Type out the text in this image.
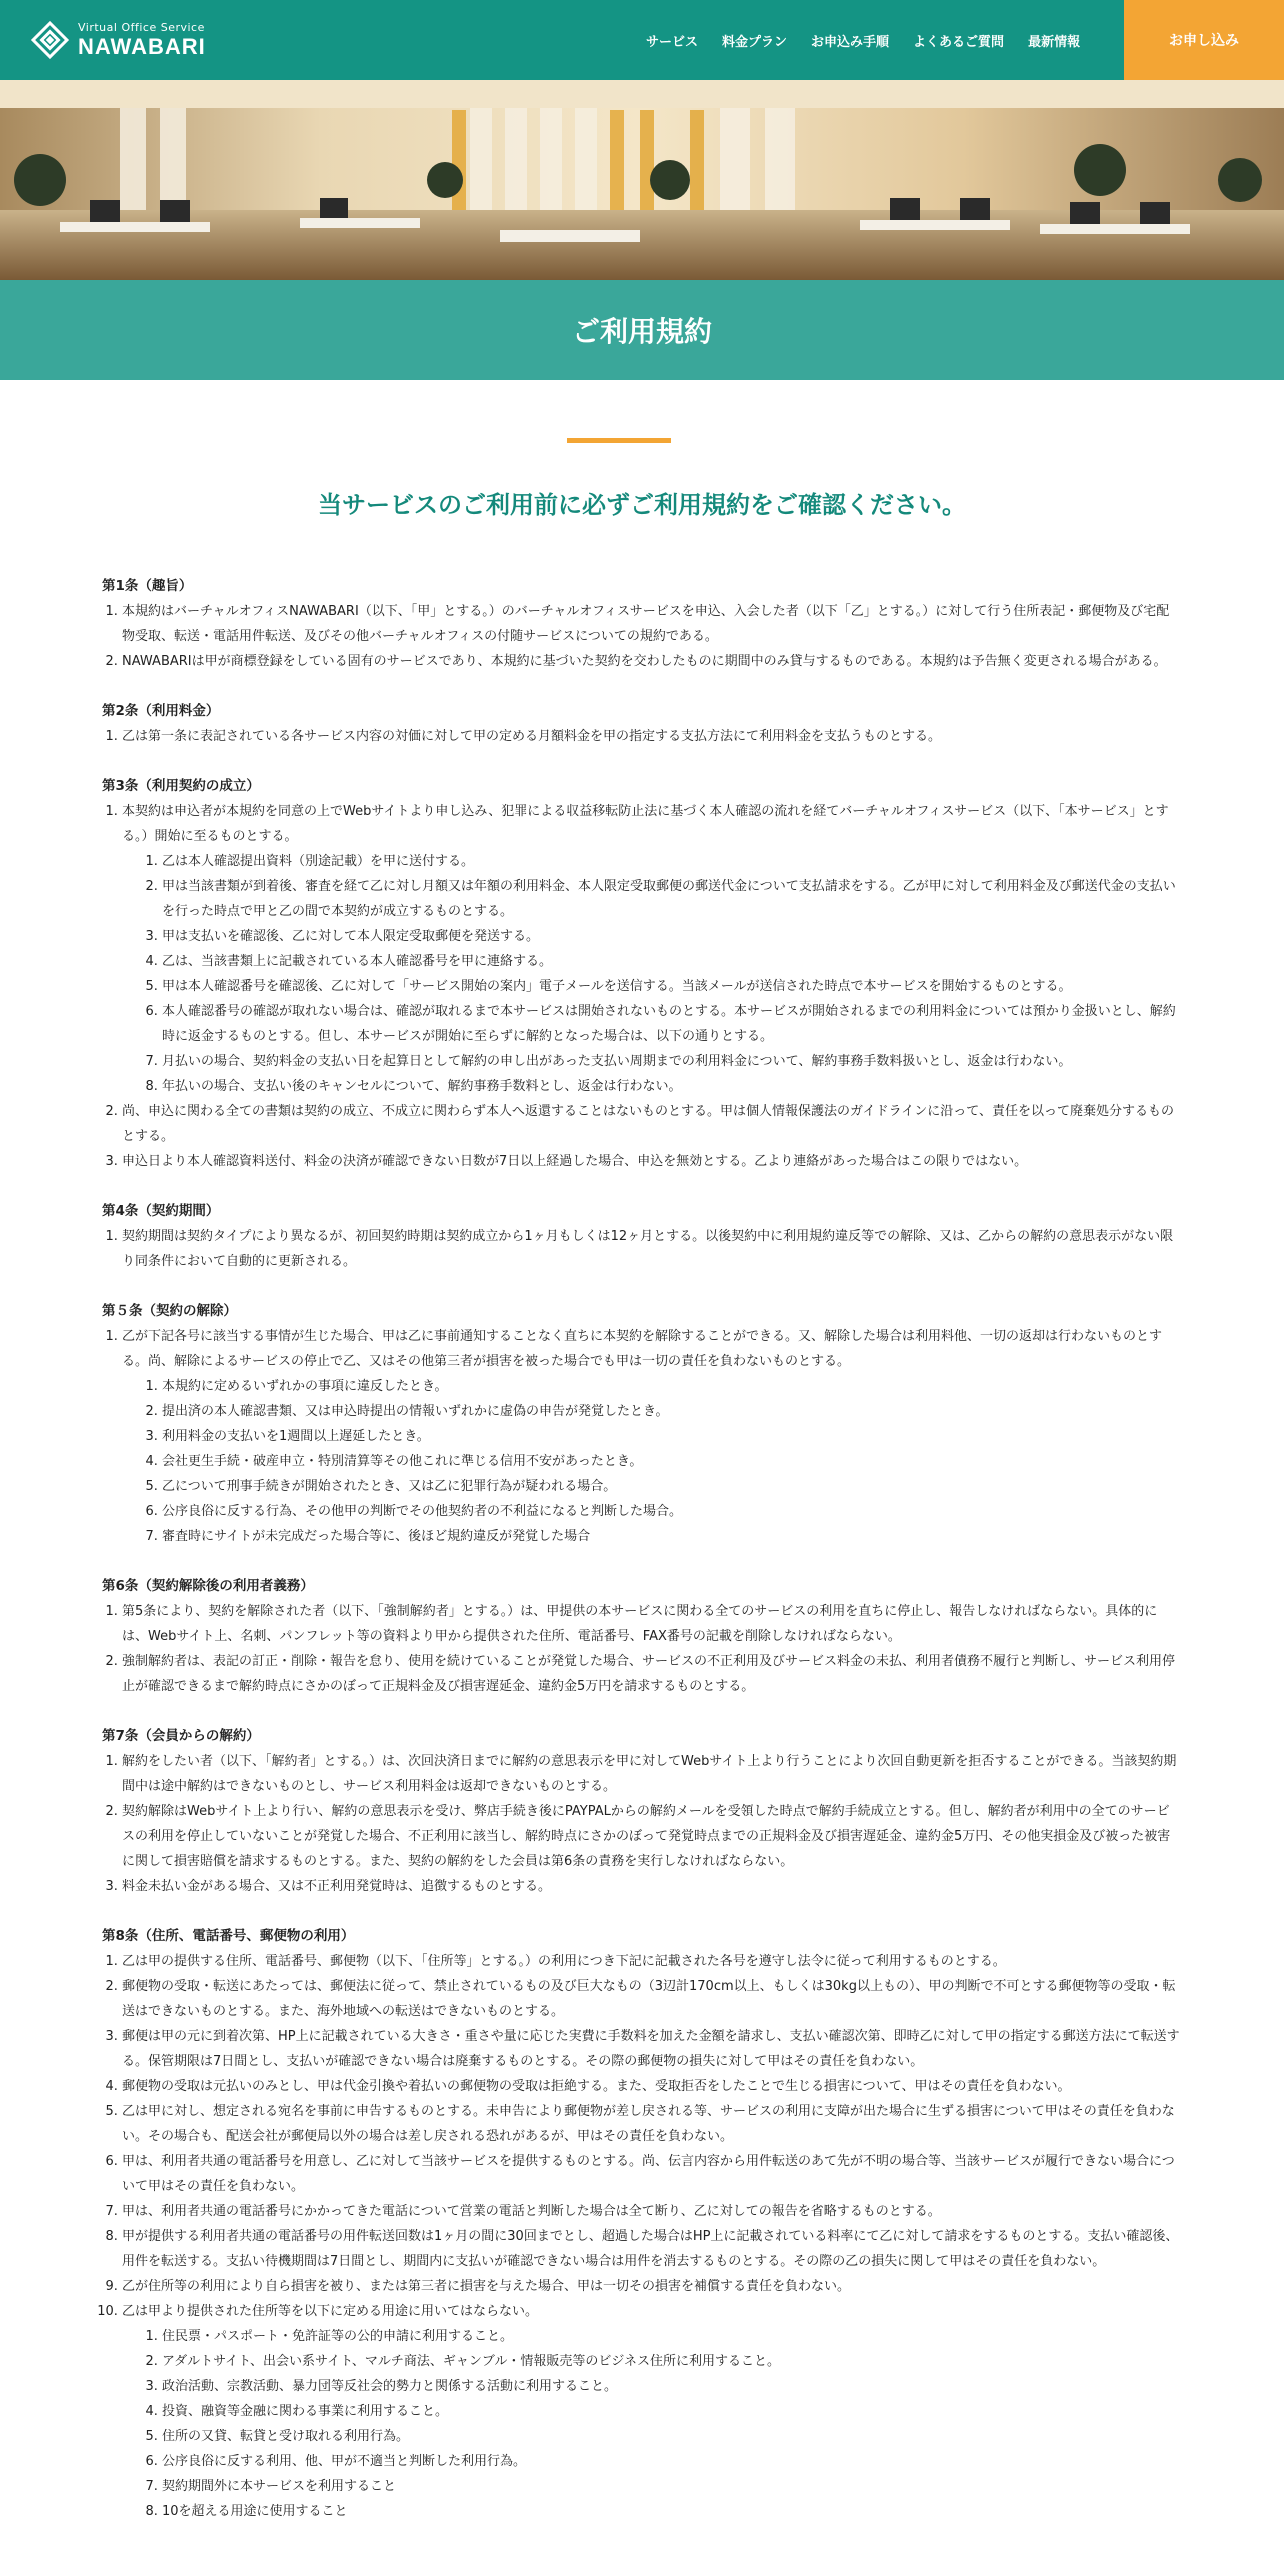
Virtual Office Service
NAWABARI	サービス 料金プラン お申込み手順 よくあるご質問 最新情報	お申し込み
ご利用規約
当サービスのご利用前に必ずご利用規約をご確認ください。
第1条（趣旨）
1. 本規約はバーチャルオフィスNAWABARI（以下、「甲」とする。）のバーチャルオフィスサービスを申込、入会した者（以下「乙」とする。）に対して行う住所表記・郵便物及び宅配物受取、転送・電話用件転送、及びその他バーチャルオフィスの付随サービスについての規約である。
2. NAWABARIは甲が商標登録をしている固有のサービスであり、本規約に基づいた契約を交わしたものに期間中のみ貸与するものである。本規約は予告無く変更される場合がある。
第2条（利用料金）
1. 乙は第一条に表記されている各サービス内容の対価に対して甲の定める月額料金を甲の指定する支払方法にて利用料金を支払うものとする。
第3条（利用契約の成立）
1. 本契約は申込者が本規約を同意の上でWebサイトより申し込み、犯罪による収益移転防止法に基づく本人確認の流れを経てバーチャルオフィスサービス（以下、「本サービス」とする。）開始に至るものとする。
1. 乙は本人確認提出資料（別途記載）を甲に送付する。
2. 甲は当該書類が到着後、審査を経て乙に対し月額又は年額の利用料金、本人限定受取郵便の郵送代金について支払請求をする。乙が甲に対して利用料金及び郵送代金の支払いを行った時点で甲と乙の間で本契約が成立するものとする。
3. 甲は支払いを確認後、乙に対して本人限定受取郵便を発送する。
4. 乙は、当該書類上に記載されている本人確認番号を甲に連絡する。
5. 甲は本人確認番号を確認後、乙に対して「サービス開始の案内」電子メールを送信する。当該メールが送信された時点で本サービスを開始するものとする。
6. 本人確認番号の確認が取れない場合は、確認が取れるまで本サービスは開始されないものとする。本サービスが開始されるまでの利用料金については預かり金扱いとし、解約時に返金するものとする。但し、本サービスが開始に至らずに解約となった場合は、以下の通りとする。
7. 月払いの場合、契約料金の支払い日を起算日として解約の申し出があった支払い周期までの利用料金について、解約事務手数料扱いとし、返金は行わない。
8. 年払いの場合、支払い後のキャンセルについて、解約事務手数料とし、返金は行わない。
2. 尚、申込に関わる全ての書類は契約の成立、不成立に関わらず本人へ返還することはないものとする。甲は個人情報保護法のガイドラインに沿って、責任を以って廃棄処分するものとする。
3. 申込日より本人確認資料送付、料金の決済が確認できない日数が7日以上経過した場合、申込を無効とする。乙より連絡があった場合はこの限りではない。
第4条（契約期間）
1. 契約期間は契約タイプにより異なるが、初回契約時期は契約成立から1ヶ月もしくは12ヶ月とする。以後契約中に利用規約違反等での解除、又は、乙からの解約の意思表示がない限り同条件において自動的に更新される。
第５条（契約の解除）
1. 乙が下記各号に該当する事情が生じた場合、甲は乙に事前通知することなく直ちに本契約を解除することができる。又、解除した場合は利用料他、一切の返却は行わないものとする。尚、解除によるサービスの停止で乙、又はその他第三者が損害を被った場合でも甲は一切の責任を負わないものとする。
1. 本規約に定めるいずれかの事項に違反したとき。
2. 提出済の本人確認書類、又は申込時提出の情報いずれかに虚偽の申告が発覚したとき。
3. 利用料金の支払いを1週間以上遅延したとき。
4. 会社更生手続・破産申立・特別清算等その他これに準じる信用不安があったとき。
5. 乙について刑事手続きが開始されたとき、又は乙に犯罪行為が疑われる場合。
6. 公序良俗に反する行為、その他甲の判断でその他契約者の不利益になると判断した場合。
7. 審査時にサイトが未完成だった場合等に、後ほど規約違反が発覚した場合
第6条（契約解除後の利用者義務）
1. 第5条により、契約を解除された者（以下、「強制解約者」とする。）は、甲提供の本サービスに関わる全てのサービスの利用を直ちに停止し、報告しなければならない。具体的には、Webサイト上、名刺、パンフレット等の資料より甲から提供された住所、電話番号、FAX番号の記載を削除しなければならない。
2. 強制解約者は、表記の訂正・削除・報告を怠り、使用を続けていることが発覚した場合、サービスの不正利用及びサービス料金の未払、利用者債務不履行と判断し、サービス利用停止が確認できるまで解約時点にさかのぼって正規料金及び損害遅延金、違約金5万円を請求するものとする。
第7条（会員からの解約）
1. 解約をしたい者（以下、「解約者」とする。）は、次回決済日までに解約の意思表示を甲に対してWebサイト上より行うことにより次回自動更新を拒否することができる。当該契約期間中は途中解約はできないものとし、サービス利用料金は返却できないものとする。
2. 契約解除はWebサイト上より行い、解約の意思表示を受け、弊店手続き後にPAYPALからの解約メールを受領した時点で解約手続成立とする。但し、解約者が利用中の全てのサービスの利用を停止していないことが発覚した場合、不正利用に該当し、解約時点にさかのぼって発覚時点までの正規料金及び損害遅延金、違約金5万円、その他実損金及び被った被害に関して損害賠償を請求するものとする。また、契約の解約をした会員は第6条の責務を実行しなければならない。
3. 料金未払い金がある場合、又は不正利用発覚時は、追徴するものとする。
第8条（住所、電話番号、郵便物の利用）
1. 乙は甲の提供する住所、電話番号、郵便物（以下、「住所等」とする。）の利用につき下記に記載された各号を遵守し法令に従って利用するものとする。
2. 郵便物の受取・転送にあたっては、郵便法に従って、禁止されているもの及び巨大なもの（3辺計170cm以上、もしくは30kg以上もの）、甲の判断で不可とする郵便物等の受取・転送はできないものとする。また、海外地域への転送はできないものとする。
3. 郵便は甲の元に到着次第、HP上に記載されている大きさ・重さや量に応じた実費に手数料を加えた金額を請求し、支払い確認次第、即時乙に対して甲の指定する郵送方法にて転送する。保管期限は7日間とし、支払いが確認できない場合は廃棄するものとする。その際の郵便物の損失に対して甲はその責任を負わない。
4. 郵便物の受取は元払いのみとし、甲は代金引換や着払いの郵便物の受取は拒絶する。また、受取拒否をしたことで生じる損害について、甲はその責任を負わない。
5. 乙は甲に対し、想定される宛名を事前に申告するものとする。未申告により郵便物が差し戻される等、サービスの利用に支障が出た場合に生ずる損害について甲はその責任を負わない。その場合も、配送会社が郵便局以外の場合は差し戻される恐れがあるが、甲はその責任を負わない。
6. 甲は、利用者共通の電話番号を用意し、乙に対して当該サービスを提供するものとする。尚、伝言内容から用件転送のあて先が不明の場合等、当該サービスが履行できない場合について甲はその責任を負わない。
7. 甲は、利用者共通の電話番号にかかってきた電話について営業の電話と判断した場合は全て断り、乙に対しての報告を省略するものとする。
8. 甲が提供する利用者共通の電話番号の用件転送回数は1ヶ月の間に30回までとし、超過した場合はHP上に記載されている料率にて乙に対して請求をするものとする。支払い確認後、用件を転送する。支払い待機期間は7日間とし、期間内に支払いが確認できない場合は用件を消去するものとする。その際の乙の損失に関して甲はその責任を負わない。
9. 乙が住所等の利用により自ら損害を被り、または第三者に損害を与えた場合、甲は一切その損害を補償する責任を負わない。
10. 乙は甲より提供された住所等を以下に定める用途に用いてはならない。
1. 住民票・パスポート・免許証等の公的申請に利用すること。
2. アダルトサイト、出会い系サイト、マルチ商法、ギャンブル・情報販売等のビジネス住所に利用すること。
3. 政治活動、宗教活動、暴力団等反社会的勢力と関係する活動に利用すること。
4. 投資、融資等金融に関わる事業に利用すること。
5. 住所の又貸、転貸と受け取れる利用行為。
6. 公序良俗に反する利用、他、甲が不適当と判断した利用行為。
7. 契約期間外に本サービスを利用すること
8. 10を超える用途に使用すること
